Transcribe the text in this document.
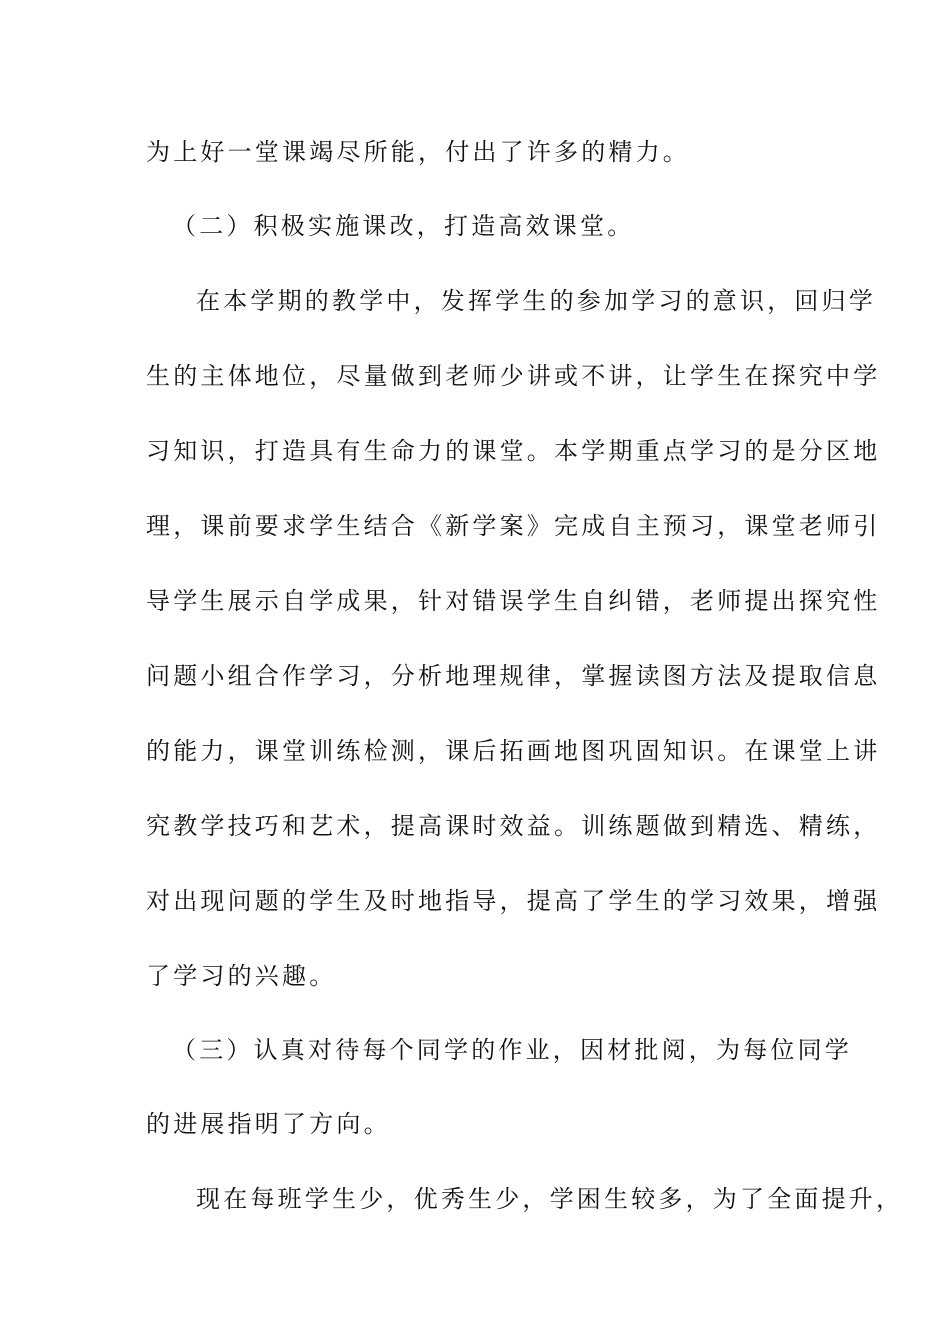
为上好一堂课竭尽所能，付出了许多的精力。
（二）积极实施课改，打造高效课堂。
在本学期的教学中，发挥学生的参加学习的意识，回归学
生的主体地位，尽量做到老师少讲或不讲，让学生在探究中学
习知识，打造具有生命力的课堂。本学期重点学习的是分区地
理，课前要求学生结合《新学案》完成自主预习，课堂老师引
导学生展示自学成果，针对错误学生自纠错，老师提出探究性
问题小组合作学习，分析地理规律，掌握读图方法及提取信息
的能力，课堂训练检测，课后拓画地图巩固知识。在课堂上讲
究教学技巧和艺术，提高课时效益。训练题做到精选、精练，
对出现问题的学生及时地指导，提高了学生的学习效果，增强
了学习的兴趣。
（三）认真对待每个同学的作业，因材批阅，为每位同学
的进展指明了方向。
现在每班学生少，优秀生少，学困生较多，为了全面提升，
